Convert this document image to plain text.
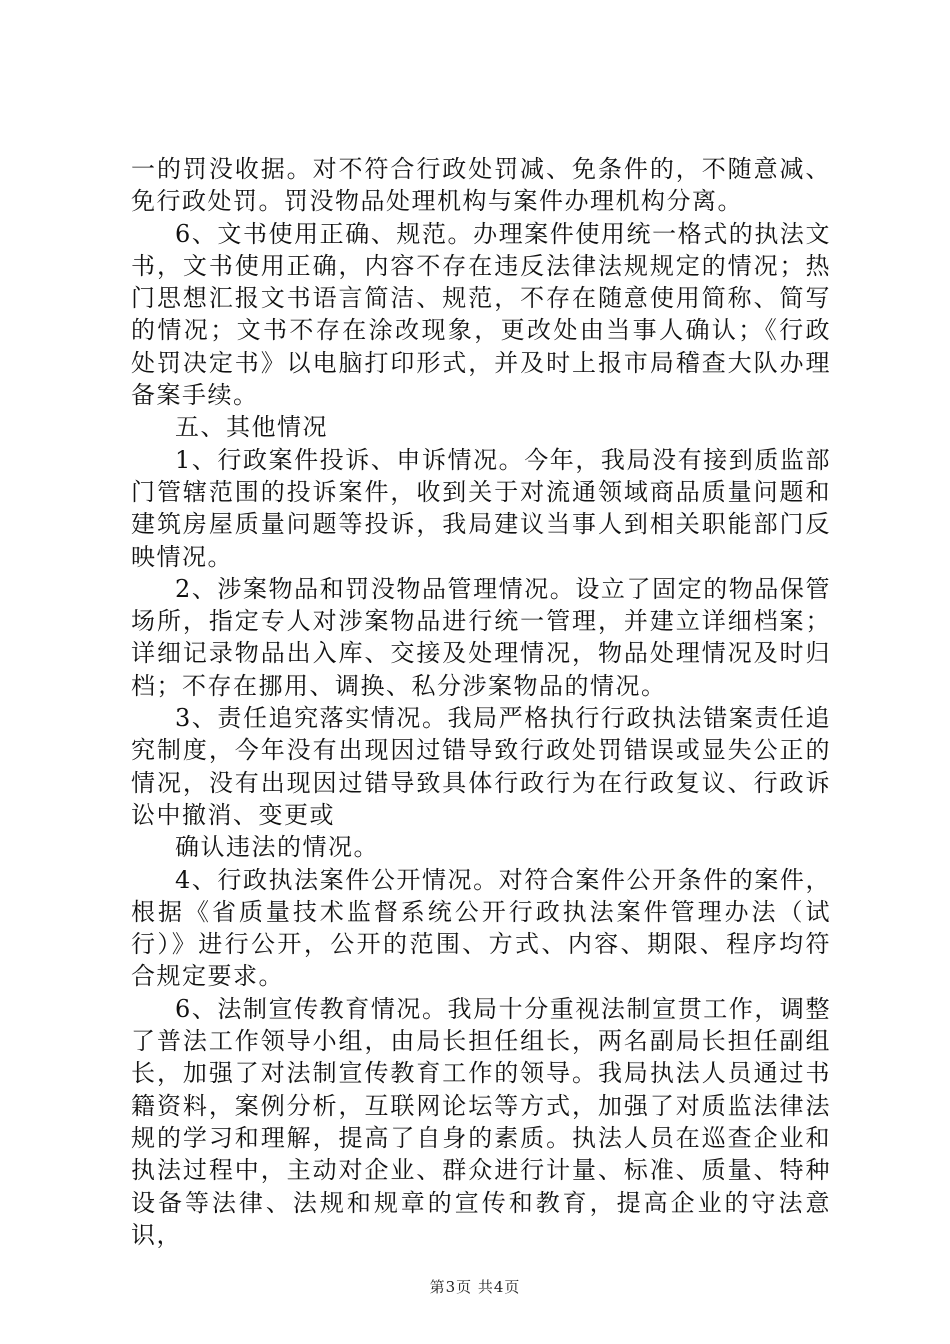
一的罚没收据。对不符合行政处罚减、免条件的，不随意减、免行政处罚。罚没物品处理机构与案件办理机构分离。

6、文书使用正确、规范。办理案件使用统一格式的执法文书，文书使用正确，内容不存在违反法律法规规定的情况；热门思想汇报文书语言简洁、规范，不存在随意使用简称、简写的情况；文书不存在涂改现象，更改处由当事人确认；《行政处罚决定书》以电脑打印形式，并及时上报市局稽查大队办理备案手续。

五、其他情况

1、行政案件投诉、申诉情况。今年，我局没有接到质监部门管辖范围的投诉案件，收到关于对流通领域商品质量问题和建筑房屋质量问题等投诉，我局建议当事人到相关职能部门反映情况。

2、涉案物品和罚没物品管理情况。设立了固定的物品保管场所，指定专人对涉案物品进行统一管理，并建立详细档案；详细记录物品出入库、交接及处理情况，物品处理情况及时归档；不存在挪用、调换、私分涉案物品的情况。

3、责任追究落实情况。我局严格执行行政执法错案责任追究制度，今年没有出现因过错导致行政处罚错误或显失公正的情况，没有出现因过错导致具体行政行为在行政复议、行政诉讼中撤消、变更或

确认违法的情况。

4、行政执法案件公开情况。对符合案件公开条件的案件，根据《省质量技术监督系统公开行政执法案件管理办法（试行）》进行公开，公开的范围、方式、内容、期限、程序均符合规定要求。

6、法制宣传教育情况。我局十分重视法制宣贯工作，调整了普法工作领导小组，由局长担任组长，两名副局长担任副组长，加强了对法制宣传教育工作的领导。我局执法人员通过书籍资料，案例分析，互联网论坛等方式，加强了对质监法律法规的学习和理解，提高了自身的素质。执法人员在巡查企业和执法过程中，主动对企业、群众进行计量、标准、质量、特种设备等法律、法规和规章的宣传和教育，提高企业的守法意识，

第3页 共4页
